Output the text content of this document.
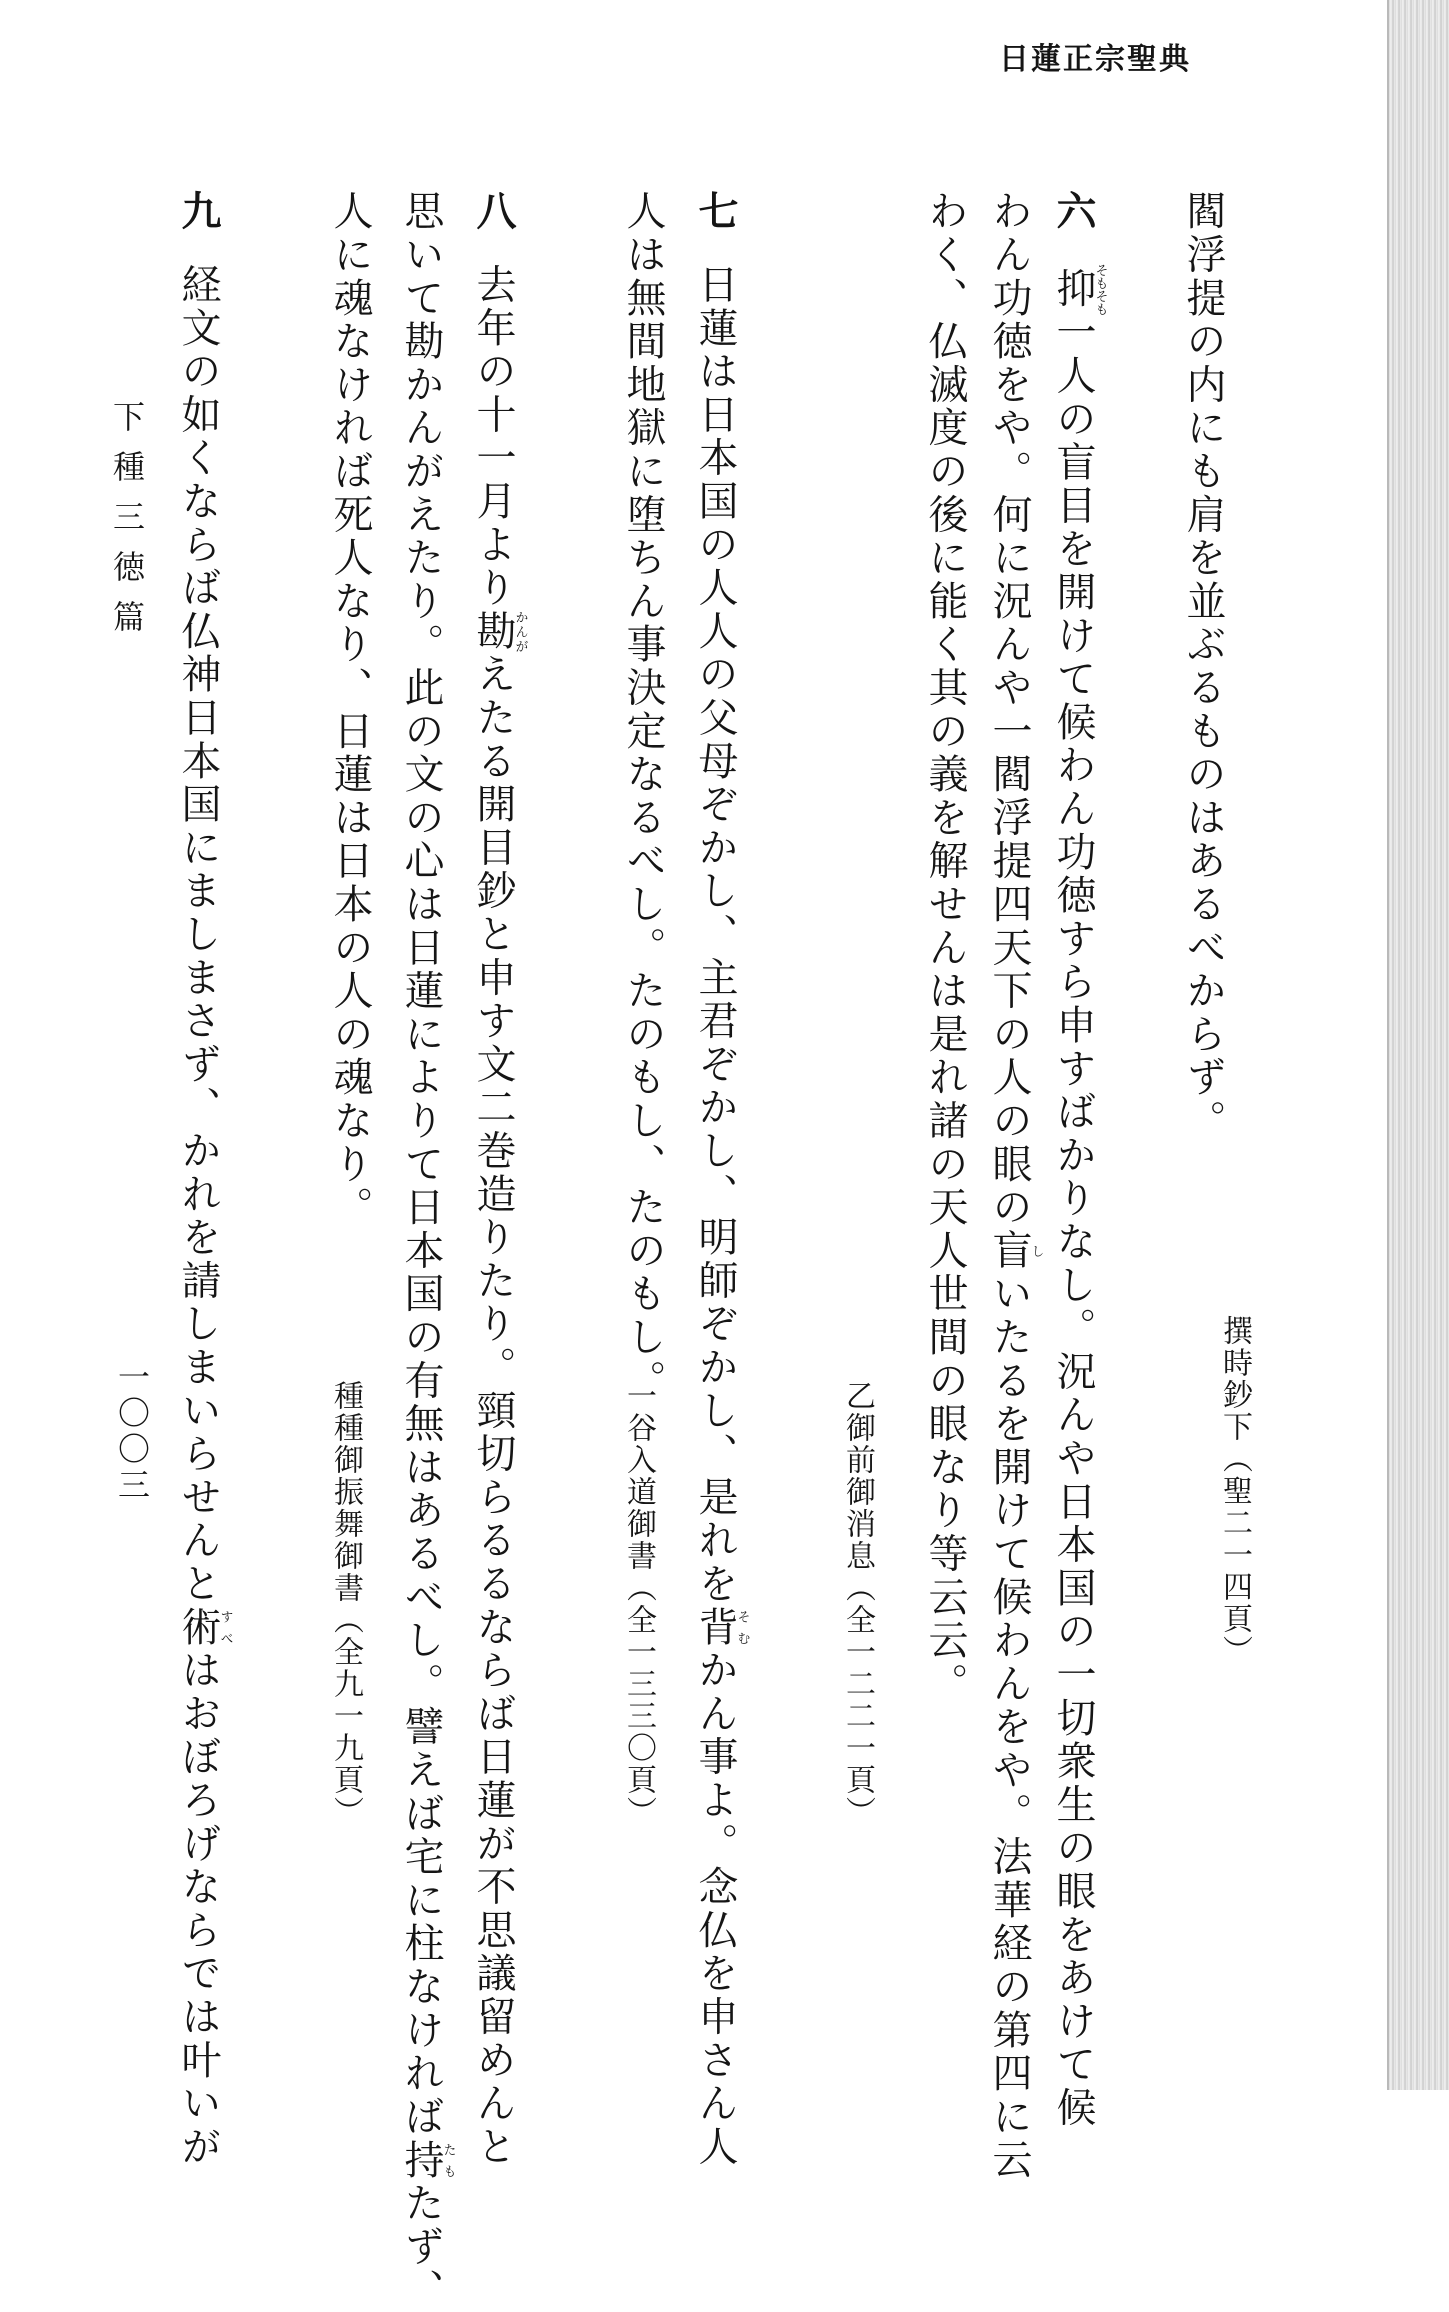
日蓮正宗聖典
閻浮提の内にも肩を並ぶるものはあるべからず。
撰時鈔下（聖二一四頁）
六抑そもそも一人の盲目を開けて候わん功徳すら申すばかりなし。況んや日本国の一切衆生の眼をあけて候
わん功徳をや。何に況んや一閻浮提四天下の人の眼の盲しいたるを開けて候わんをや。法華経の第四に云
わく、仏滅度の後に能く其の義を解せんは是れ諸の天人世間の眼なり等云云。
乙御前御消息（全一二二一頁）
七日蓮は日本国の人人の父母ぞかし、主君ぞかし、明師ぞかし、是れを背そむかん事よ。念仏を申さん人
人は無間地獄に堕ちん事決定なるべし。たのもし、たのもし。
一谷入道御書（全一三三〇頁）
八去年の十一月より勘かんがえたる開目鈔と申す文二巻造りたり。頸切らるるならば日蓮が不思議留めんと
思いて勘かんがえたり。此の文の心は日蓮によりて日本国の有無はあるべし。譬えば宅に柱なければ持たもたず、
人に魂なければ死人なり、日蓮は日本の人の魂なり。
種種御振舞御書（全九一九頁）
九経文の如くならば仏神日本国にましまさず、かれを請しまいらせんと術すべはおぼろげならでは叶いが
下種三徳篇
一〇〇三
